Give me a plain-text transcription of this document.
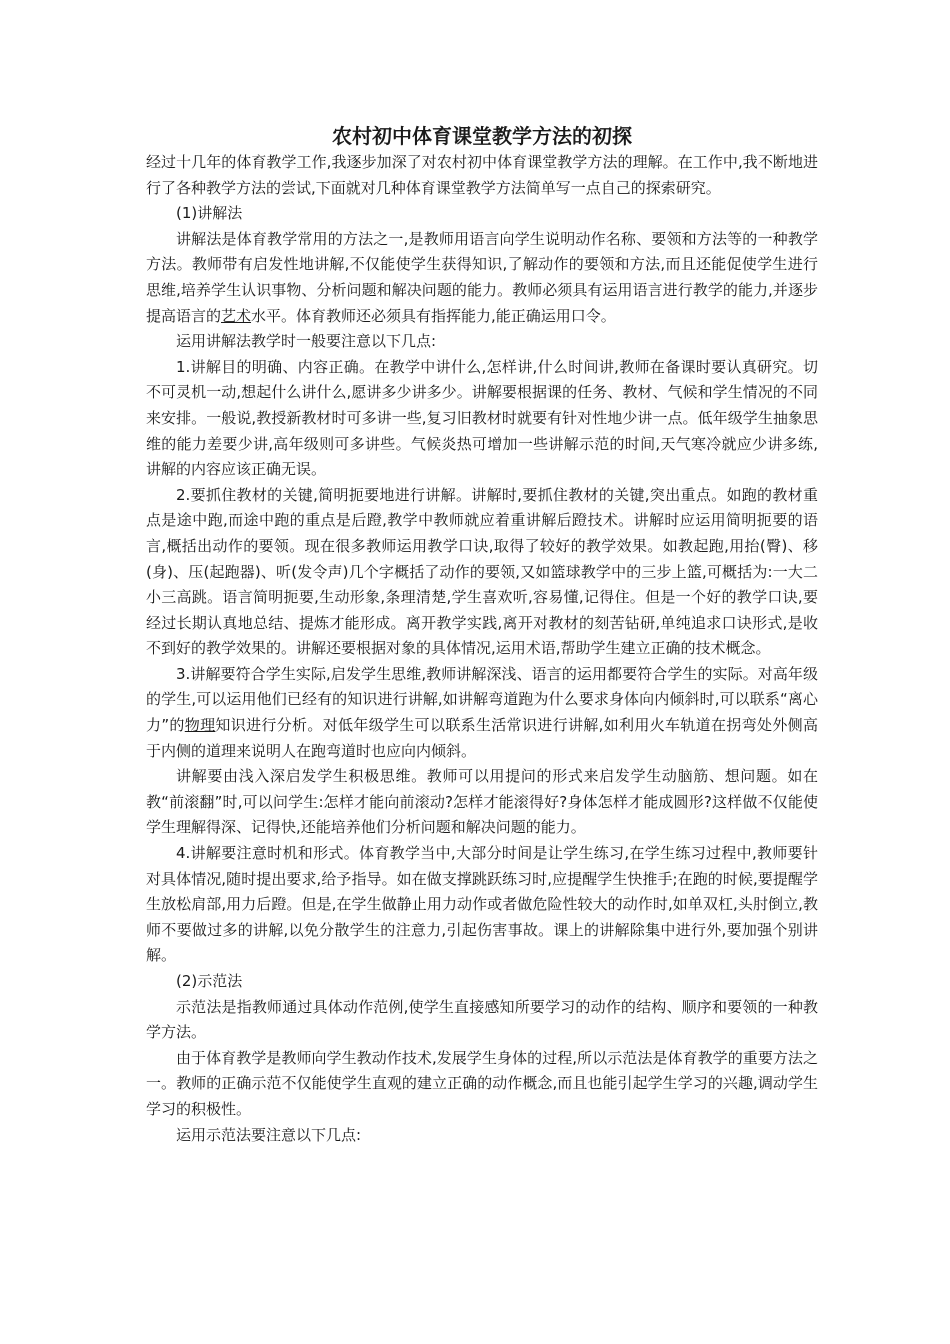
农村初中体育课堂教学方法的初探

经过十几年的体育教学工作,我逐步加深了对农村初中体育课堂教学方法的理解。在工作中,我不断地进行了各种教学方法的尝试,下面就对几种体育课堂教学方法简单写一点自己的探索研究。

(1)讲解法

讲解法是体育教学常用的方法之一,是教师用语言向学生说明动作名称、要领和方法等的一种教学方法。教师带有启发性地讲解,不仅能使学生获得知识,了解动作的要领和方法,而且还能促使学生进行思维,培养学生认识事物、分析问题和解决问题的能力。教师必须具有运用语言进行教学的能力,并逐步提高语言的艺术水平。体育教师还必须具有指挥能力,能正确运用口令。

运用讲解法教学时一般要注意以下几点:

1.讲解目的明确、内容正确。在教学中讲什么,怎样讲,什么时间讲,教师在备课时要认真研究。切不可灵机一动,想起什么讲什么,愿讲多少讲多少。讲解要根据课的任务、教材、气候和学生情况的不同来安排。一般说,教授新教材时可多讲一些,复习旧教材时就要有针对性地少讲一点。低年级学生抽象思维的能力差要少讲,高年级则可多讲些。气候炎热可增加一些讲解示范的时间,天气寒冷就应少讲多练,讲解的内容应该正确无误。

2.要抓住教材的关键,简明扼要地进行讲解。讲解时,要抓住教材的关键,突出重点。如跑的教材重点是途中跑,而途中跑的重点是后蹬,教学中教师就应着重讲解后蹬技术。讲解时应运用简明扼要的语言,概括出动作的要领。现在很多教师运用教学口诀,取得了较好的教学效果。如教起跑,用抬(臀)、移(身)、压(起跑器)、听(发令声)几个字概括了动作的要领,又如篮球教学中的三步上篮,可概括为:一大二小三高跳。语言简明扼要,生动形象,条理清楚,学生喜欢听,容易懂,记得住。但是一个好的教学口诀,要经过长期认真地总结、提炼才能形成。离开教学实践,离开对教材的刻苦钻研,单纯追求口诀形式,是收不到好的教学效果的。讲解还要根据对象的具体情况,运用术语,帮助学生建立正确的技术概念。

3.讲解要符合学生实际,启发学生思维,教师讲解深浅、语言的运用都要符合学生的实际。对高年级的学生,可以运用他们已经有的知识进行讲解,如讲解弯道跑为什么要求身体向内倾斜时,可以联系“离心力”的物理知识进行分析。对低年级学生可以联系生活常识进行讲解,如利用火车轨道在拐弯处外侧高于内侧的道理来说明人在跑弯道时也应向内倾斜。

讲解要由浅入深启发学生积极思维。教师可以用提问的形式来启发学生动脑筋、想问题。如在教“前滚翻”时,可以问学生:怎样才能向前滚动?怎样才能滚得好?身体怎样才能成圆形?这样做不仅能使学生理解得深、记得快,还能培养他们分析问题和解决问题的能力。

4.讲解要注意时机和形式。体育教学当中,大部分时间是让学生练习,在学生练习过程中,教师要针对具体情况,随时提出要求,给予指导。如在做支撑跳跃练习时,应提醒学生快推手;在跑的时候,要提醒学生放松肩部,用力后蹬。但是,在学生做静止用力动作或者做危险性较大的动作时,如单双杠,头肘倒立,教师不要做过多的讲解,以免分散学生的注意力,引起伤害事故。课上的讲解除集中进行外,要加强个别讲解。

(2)示范法

示范法是指教师通过具体动作范例,使学生直接感知所要学习的动作的结构、顺序和要领的一种教学方法。

由于体育教学是教师向学生教动作技术,发展学生身体的过程,所以示范法是体育教学的重要方法之一。教师的正确示范不仅能使学生直观的建立正确的动作概念,而且也能引起学生学习的兴趣,调动学生学习的积极性。

运用示范法要注意以下几点:
